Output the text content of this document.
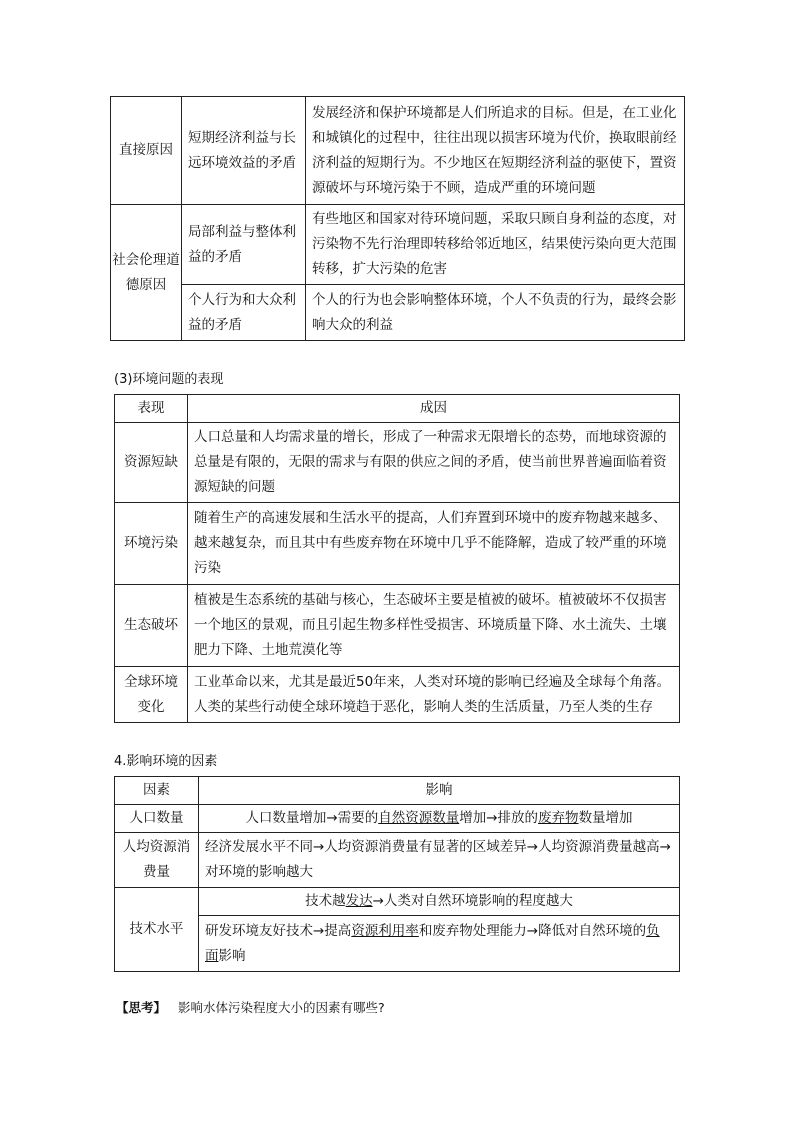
直接原因	短期经济利益与长远环境效益的矛盾	发展经济和保护环境都是人们所追求的目标。但是，在工业化和城镇化的过程中，往往出现以损害环境为代价，换取眼前经济利益的短期行为。不少地区在短期经济利益的驱使下，置资源破坏与环境污染于不顾，造成严重的环境问题
社会伦理道德原因	局部利益与整体利益的矛盾	有些地区和国家对待环境问题，采取只顾自身利益的态度，对污染物不先行治理即转移给邻近地区，结果使污染向更大范围转移，扩大污染的危害
	个人行为和大众利益的矛盾	个人的行为也会影响整体环境，个人不负责的行为，最终会影响大众的利益
(3)环境问题的表现
表现	成因
资源短缺	人口总量和人均需求量的增长，形成了一种需求无限增长的态势，而地球资源的总量是有限的，无限的需求与有限的供应之间的矛盾，使当前世界普遍面临着资源短缺的问题
环境污染	随着生产的高速发展和生活水平的提高，人们弃置到环境中的废弃物越来越多、越来越复杂，而且其中有些废弃物在环境中几乎不能降解，造成了较严重的环境污染
生态破坏	植被是生态系统的基础与核心，生态破坏主要是植被的破坏。植被破坏不仅损害一个地区的景观，而且引起生物多样性受损害、环境质量下降、水土流失、土壤肥力下降、土地荒漠化等
全球环境变化	工业革命以来，尤其是最近50年来，人类对环境的影响已经遍及全球每个角落。人类的某些行动使全球环境趋于恶化，影响人类的生活质量，乃至人类的生存
4.影响环境的因素
因素	影响
人口数量	人口数量增加→需要的自然资源数量增加→排放的废弃物数量增加
人均资源消费量	经济发展水平不同→人均资源消费量有显著的区域差异→人均资源消费量越高→对环境的影响越大
技术水平	技术越发达→人类对自然环境影响的程度越大
	研发环境友好技术→提高资源利用率和废弃物处理能力→降低对自然环境的负面影响
【思考】 影响水体污染程度大小的因素有哪些?
